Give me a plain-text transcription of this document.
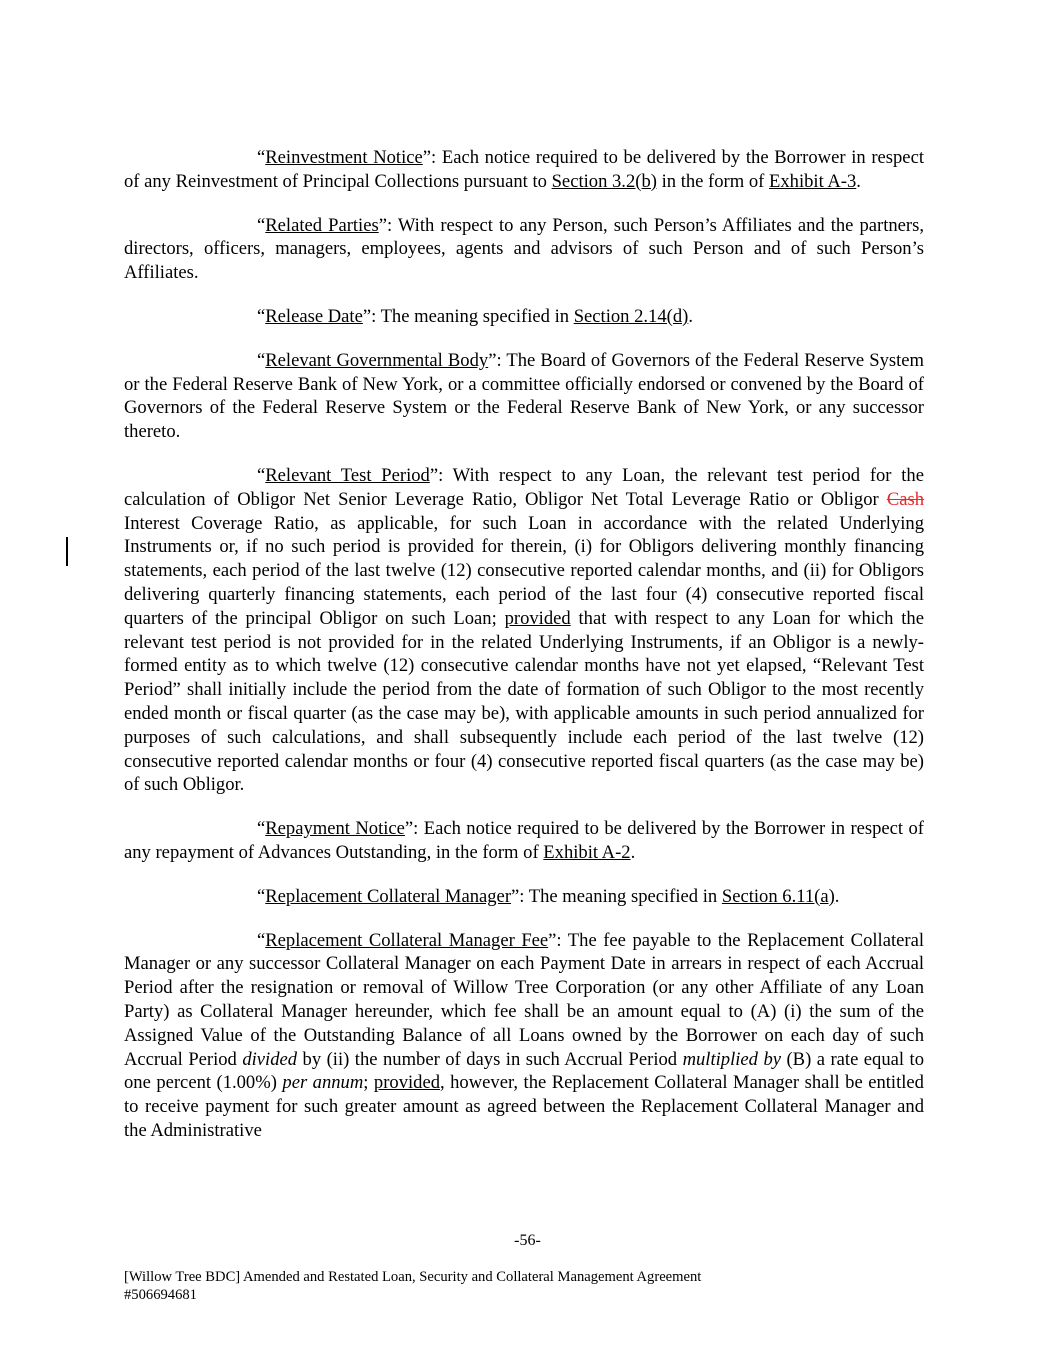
“Reinvestment Notice”: Each notice required to be delivered by the Borrower in respect of any Reinvestment of Principal Collections pursuant to Section 3.2(b) in the form of Exhibit A-3.

“Related Parties”: With respect to any Person, such Person’s Affiliates and the partners, directors, officers, managers, employees, agents and advisors of such Person and of such Person’s Affiliates.

“Release Date”: The meaning specified in Section 2.14(d).

“Relevant Governmental Body”: The Board of Governors of the Federal Reserve System or the Federal Reserve Bank of New York, or a committee officially endorsed or convened by the Board of Governors of the Federal Reserve System or the Federal Reserve Bank of New York, or any successor thereto.

“Relevant Test Period”: With respect to any Loan, the relevant test period for the calculation of Obligor Net Senior Leverage Ratio, Obligor Net Total Leverage Ratio or Obligor Cash Interest Coverage Ratio, as applicable, for such Loan in accordance with the related Underlying Instruments or, if no such period is provided for therein, (i) for Obligors delivering monthly financing statements, each period of the last twelve (12) consecutive reported calendar months, and (ii) for Obligors delivering quarterly financing statements, each period of the last four (4) consecutive reported fiscal quarters of the principal Obligor on such Loan; provided that with respect to any Loan for which the relevant test period is not provided for in the related Underlying Instruments, if an Obligor is a newly-formed entity as to which twelve (12) consecutive calendar months have not yet elapsed, “Relevant Test Period” shall initially include the period from the date of formation of such Obligor to the most recently ended month or fiscal quarter (as the case may be), with applicable amounts in such period annualized for purposes of such calculations, and shall subsequently include each period of the last twelve (12) consecutive reported calendar months or four (4) consecutive reported fiscal quarters (as the case may be) of such Obligor.

“Repayment Notice”: Each notice required to be delivered by the Borrower in respect of any repayment of Advances Outstanding, in the form of Exhibit A-2.

“Replacement Collateral Manager”: The meaning specified in Section 6.11(a).

“Replacement Collateral Manager Fee”: The fee payable to the Replacement Collateral Manager or any successor Collateral Manager on each Payment Date in arrears in respect of each Accrual Period after the resignation or removal of Willow Tree Corporation (or any other Affiliate of any Loan Party) as Collateral Manager hereunder, which fee shall be an amount equal to (A) (i) the sum of the Assigned Value of the Outstanding Balance of all Loans owned by the Borrower on each day of such Accrual Period divided by (ii) the number of days in such Accrual Period multiplied by (B) a rate equal to one percent (1.00%) per annum; provided, however, the Replacement Collateral Manager shall be entitled to receive payment for such greater amount as agreed between the Replacement Collateral Manager and the Administrative

-56-
[Willow Tree BDC] Amended and Restated Loan, Security and Collateral Management Agreement
#506694681
